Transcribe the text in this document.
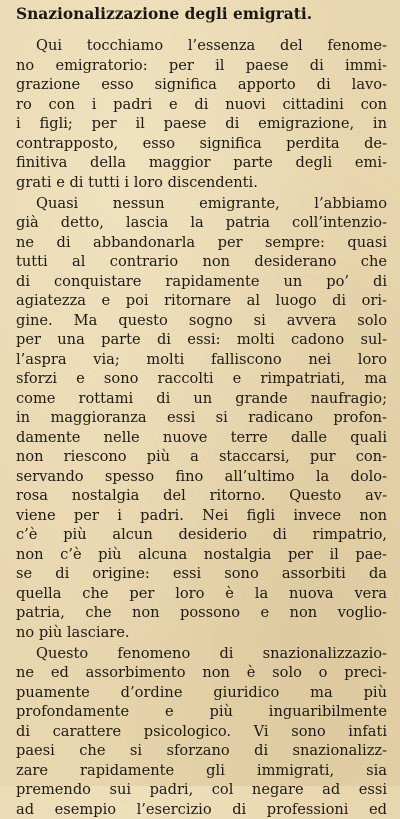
Snazionalizzazione degli emigrati.
Qui tocchiamo l’essenza del fenome-
no emigratorio: per il paese di immi-
grazione esso significa apporto di lavo-
ro con i padri e di nuovi cittadini con
i figli; per il paese di emigrazione, in
contrapposto, esso significa perdita de-
finitiva della maggior parte degli emi-
grati e di tutti i loro discendenti.
Quasi nessun emigrante, l’abbiamo
già detto, lascia la patria coll’intenzio-
ne di abbandonarla per sempre: quasi
tutti al contrario non desiderano che
di conquistare rapidamente un po’ di
agiatezza e poi ritornare al luogo di ori-
gine. Ma questo sogno si avvera solo
per una parte di essi: molti cadono sul-
l’aspra via; molti falliscono nei loro
sforzi e sono raccolti e rimpatriati, ma
come rottami di un grande naufragio;
in maggioranza essi si radicano profon-
damente nelle nuove terre dalle quali
non riescono più a staccarsi, pur con-
servando spesso fino all’ultimo la dolo-
rosa nostalgia del ritorno. Questo av-
viene per i padri. Nei figli invece non
c’è più alcun desiderio di rimpatrio,
non c’è più alcuna nostalgia per il pae-
se di origine: essi sono assorbiti da
quella che per loro è la nuova vera
patria, che non possono e non voglio-
no più lasciare.
Questo fenomeno di snazionalizzazio-
ne ed assorbimento non è solo o preci-
puamente d’ordine giuridico ma più
profondamente e più inguaribilmente
di carattere psicologico. Vi sono infati
paesi che si sforzano di snazionalizz-
zare rapidamente gli immigrati, sia
premendo sui padri, col negare ad essi
ad esempio l’esercizio di professioni ed
